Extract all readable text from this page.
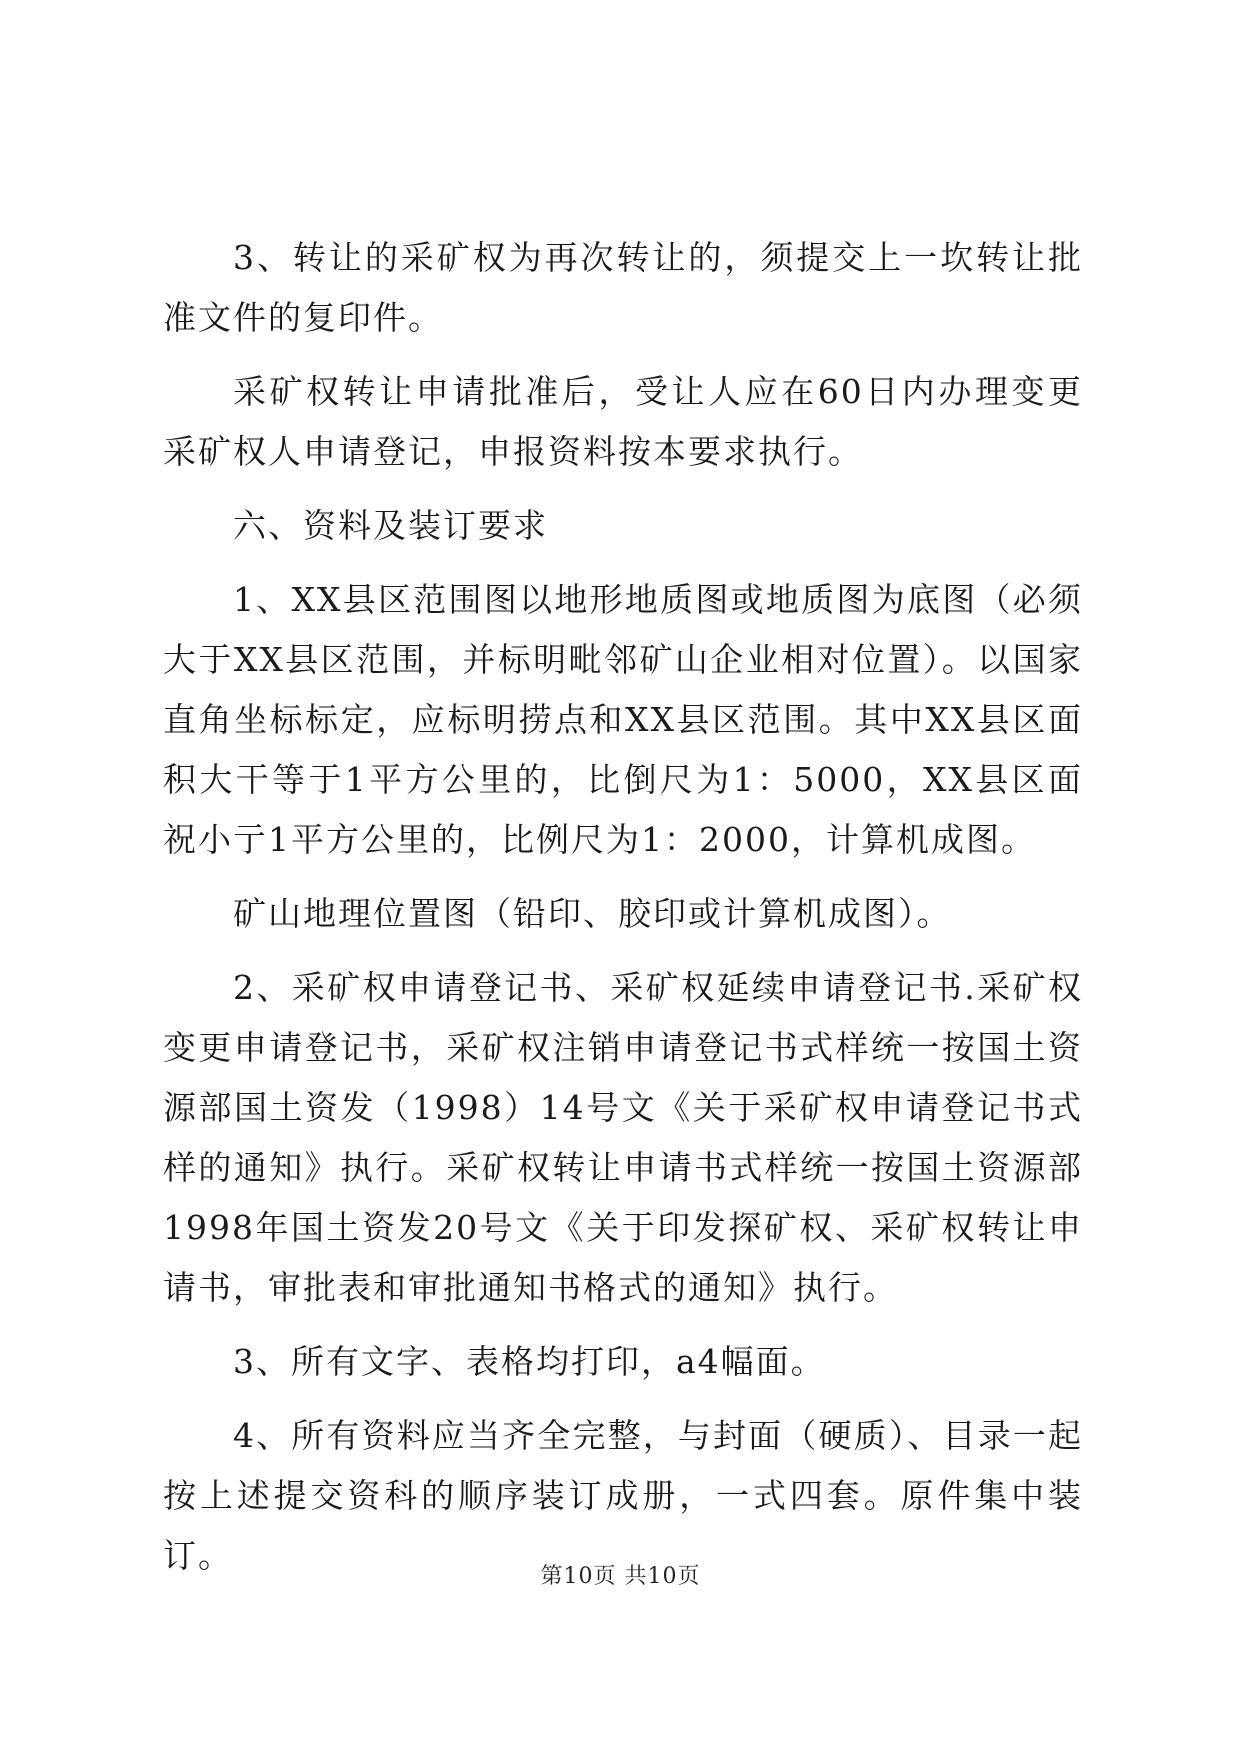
3、转让的采矿权为再次转让的，须提交上一坎转让批准文件的复印件。

采矿权转让申请批准后，受让人应在60日内办理变更采矿权人申请登记，申报资料按本要求执行。

六、资料及装订要求

1、XX县区范围图以地形地质图或地质图为底图（必须大于XX县区范围，并标明毗邻矿山企业相对位置）。以国家直角坐标标定，应标明捞点和XX县区范围。其中XX县区面积大干等于1平方公里的，比倒尺为1：5000，XX县区面祝小亍1平方公里的，比例尺为1：2000，计算机成图。

矿山地理位置图（铅印、胶印或计算机成图）。

2、采矿权申请登记书、采矿权延续申请登记书.采矿权变更申请登记书，采矿权注销申请登记书式样统一按国土资源部国土资发（1998）14号文《关于采矿权申请登记书式样的通知》执行。采矿权转让申请书式样统一按国土资源部1998年国土资发20号文《关于印发探矿权、采矿权转让申请书，审批表和审批通知书格式的通知》执行。

3、所有文字、表格均打印，a4幅面。

4、所有资料应当齐全完整，与封面（硬质）、目录一起按上述提交资科的顺序装订成册，一式四套。原件集中装订。

第10页 共10页
